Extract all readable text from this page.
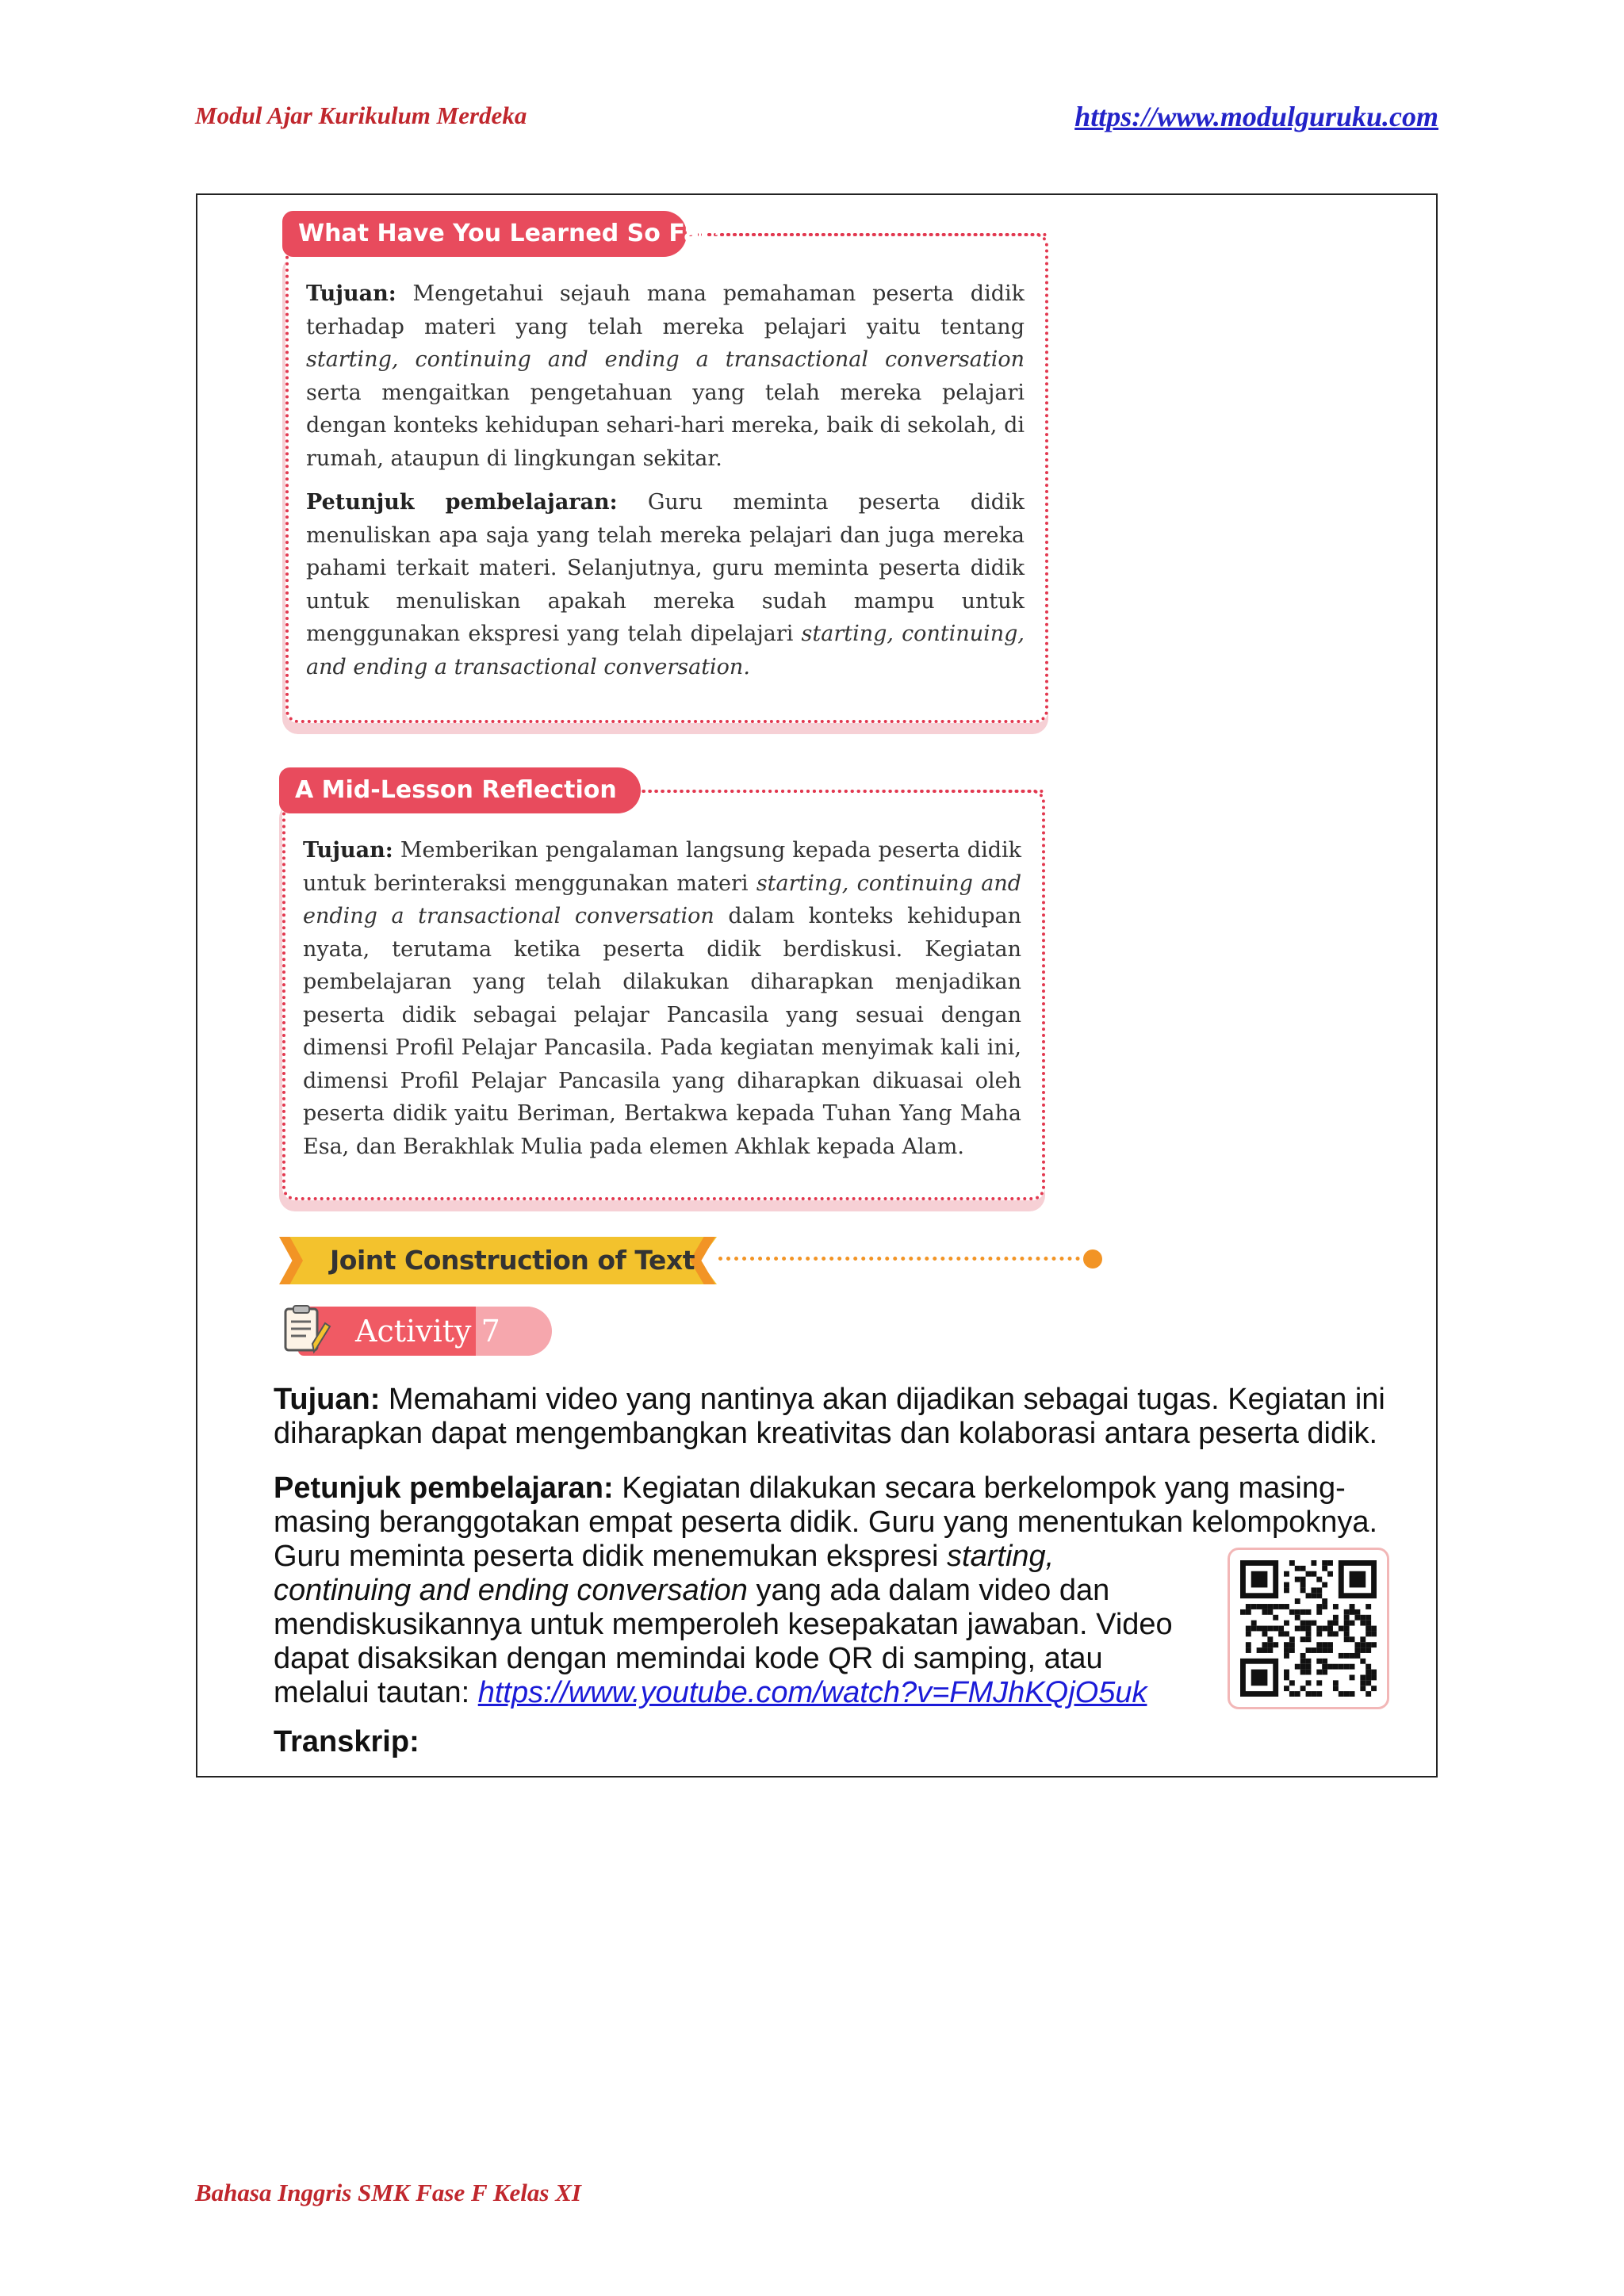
Modul Ajar Kurikulum Merdeka	https://www.modulguruku.com
What Have You Learned So Far?

Tujuan: Mengetahui sejauh mana pemahaman peserta didik terhadap materi yang telah mereka pelajari yaitu tentang starting, continuing and ending a transactional conversation serta mengaitkan pengetahuan yang telah mereka pelajari dengan konteks kehidupan sehari-hari mereka, baik di sekolah, di rumah, ataupun di lingkungan sekitar.

Petunjuk pembelajaran: Guru meminta peserta didik menuliskan apa saja yang telah mereka pelajari dan juga mereka pahami terkait materi. Selanjutnya, guru meminta peserta didik untuk menuliskan apakah mereka sudah mampu untuk menggunakan ekspresi yang telah dipelajari starting, continuing, and ending a transactional conversation.

A Mid-Lesson Reflection

Tujuan: Memberikan pengalaman langsung kepada peserta didik untuk berinteraksi menggunakan materi starting, continuing and ending a transactional conversation dalam konteks kehidupan nyata, terutama ketika peserta didik berdiskusi. Kegiatan pembelajaran yang telah dilakukan diharapkan menjadikan peserta didik sebagai pelajar Pancasila yang sesuai dengan dimensi Profil Pelajar Pancasila. Pada kegiatan menyimak kali ini, dimensi Profil Pelajar Pancasila yang diharapkan dikuasai oleh peserta didik yaitu Beriman, Bertakwa kepada Tuhan Yang Maha Esa, dan Berakhlak Mulia pada elemen Akhlak kepada Alam.

Joint Construction of Text
Activity 7
Tujuan: Memahami video yang nantinya akan dijadikan sebagai tugas. Kegiatan ini diharapkan dapat mengembangkan kreativitas dan kolaborasi antara peserta didik.
Petunjuk pembelajaran: Kegiatan dilakukan secara berkelompok yang masing-masing beranggotakan empat peserta didik. Guru yang menentukan kelompoknya.
Guru meminta peserta didik menemukan ekspresi starting,
continuing and ending conversation yang ada dalam video dan
mendiskusikannya untuk memperoleh kesepakatan jawaban. Video
dapat disaksikan dengan memindai kode QR di samping, atau
melalui tautan: https://www.youtube.com/watch?v=FMJhKQjO5uk
Transkrip:
Bahasa Inggris SMK Fase F Kelas XI
